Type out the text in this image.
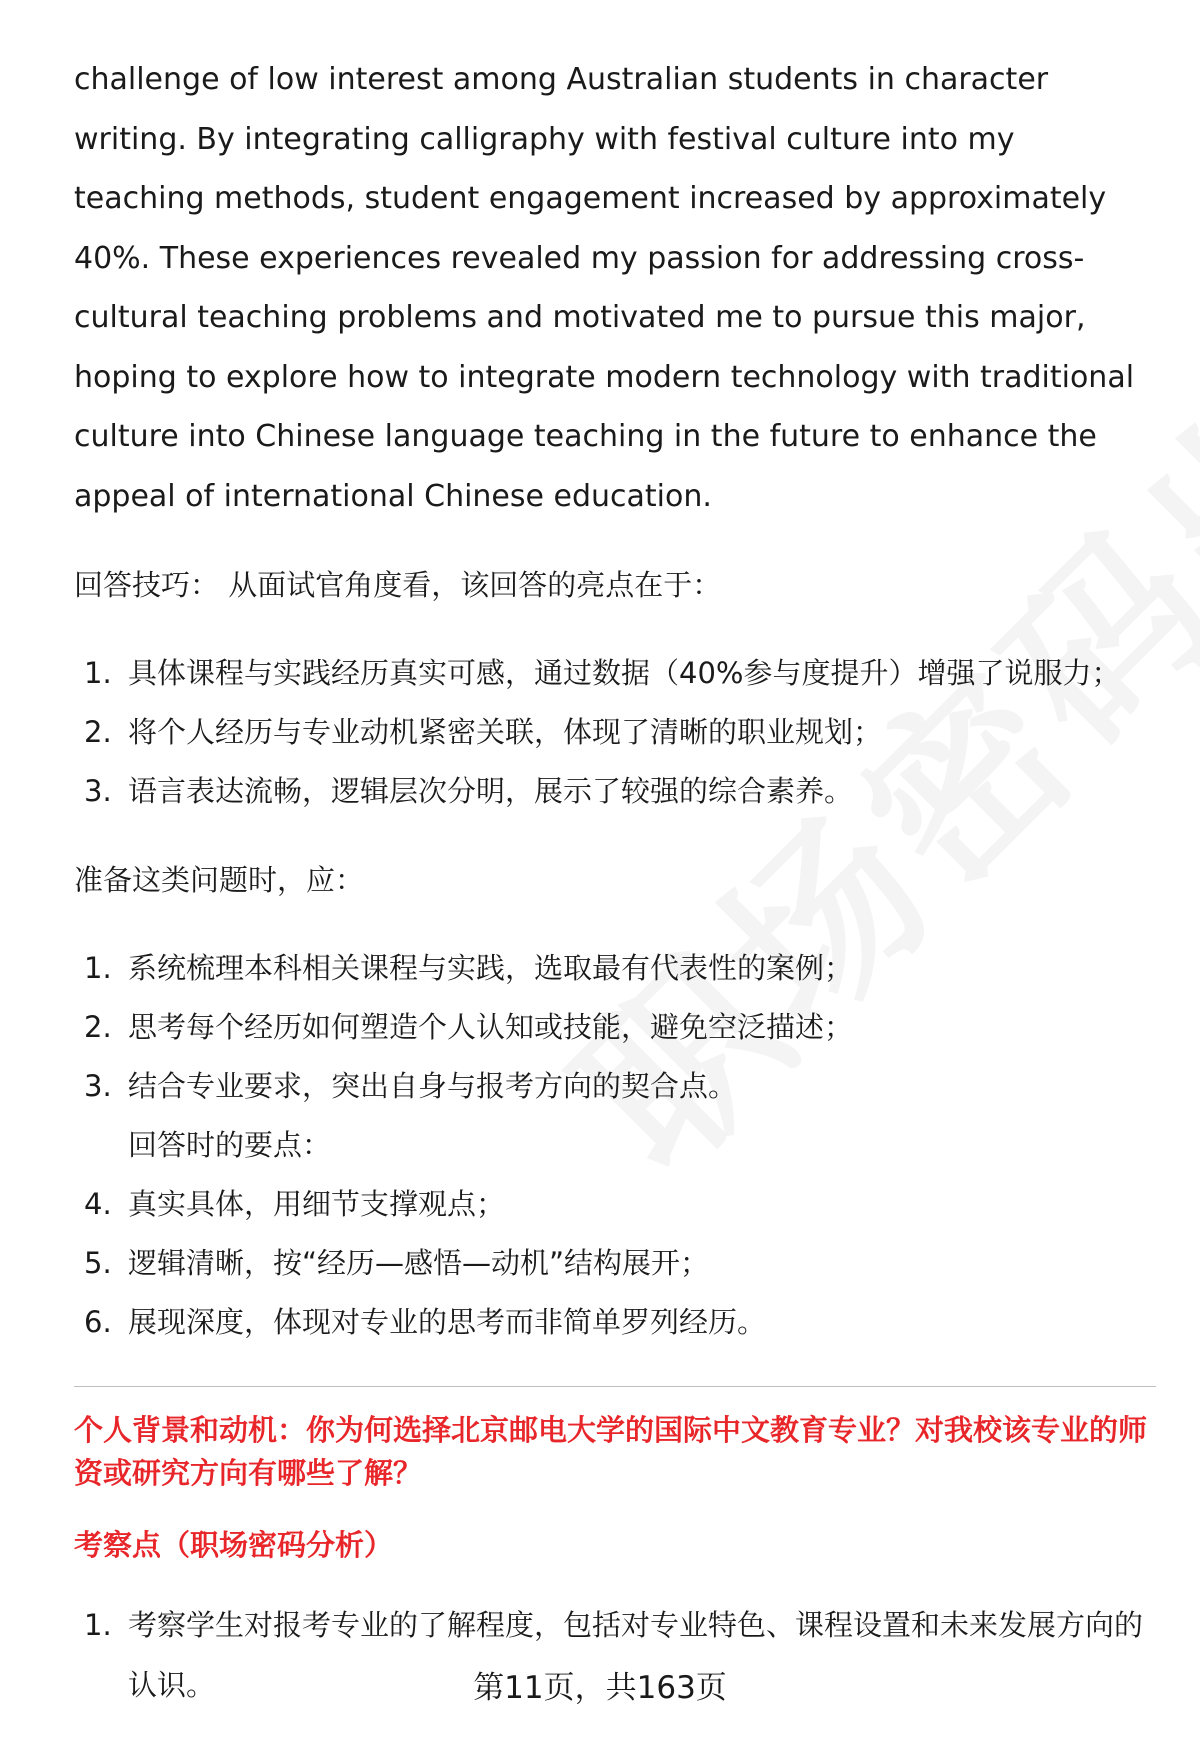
challenge of low interest among Australian students in character writing. By integrating calligraphy with festival culture into my teaching methods, student engagement increased by approximately 40%. These experiences revealed my passion for addressing cross-cultural teaching problems and motivated me to pursue this major, hoping to explore how to integrate modern technology with traditional culture into Chinese language teaching in the future to enhance the appeal of international Chinese education.

回答技巧： 从面试官角度看，该回答的亮点在于：

1. 具体课程与实践经历真实可感，通过数据（40%参与度提升）增强了说服力；
2. 将个人经历与专业动机紧密关联，体现了清晰的职业规划；
3. 语言表达流畅，逻辑层次分明，展示了较强的综合素养。

准备这类问题时，应：

1. 系统梳理本科相关课程与实践，选取最有代表性的案例；
2. 思考每个经历如何塑造个人认知或技能，避免空泛描述；
3. 结合专业要求，突出自身与报考方向的契合点。
回答时的要点：
4. 真实具体，用细节支撑观点；
5. 逻辑清晰，按“经历—感悟—动机”结构展开；
6. 展现深度，体现对专业的思考而非简单罗列经历。

个人背景和动机：你为何选择北京邮电大学的国际中文教育专业？对我校该专业的师资或研究方向有哪些了解？

考察点（职场密码分析）

1. 考察学生对报考专业的了解程度，包括对专业特色、课程设置和未来发展方向的认识。	第11页，共163页
